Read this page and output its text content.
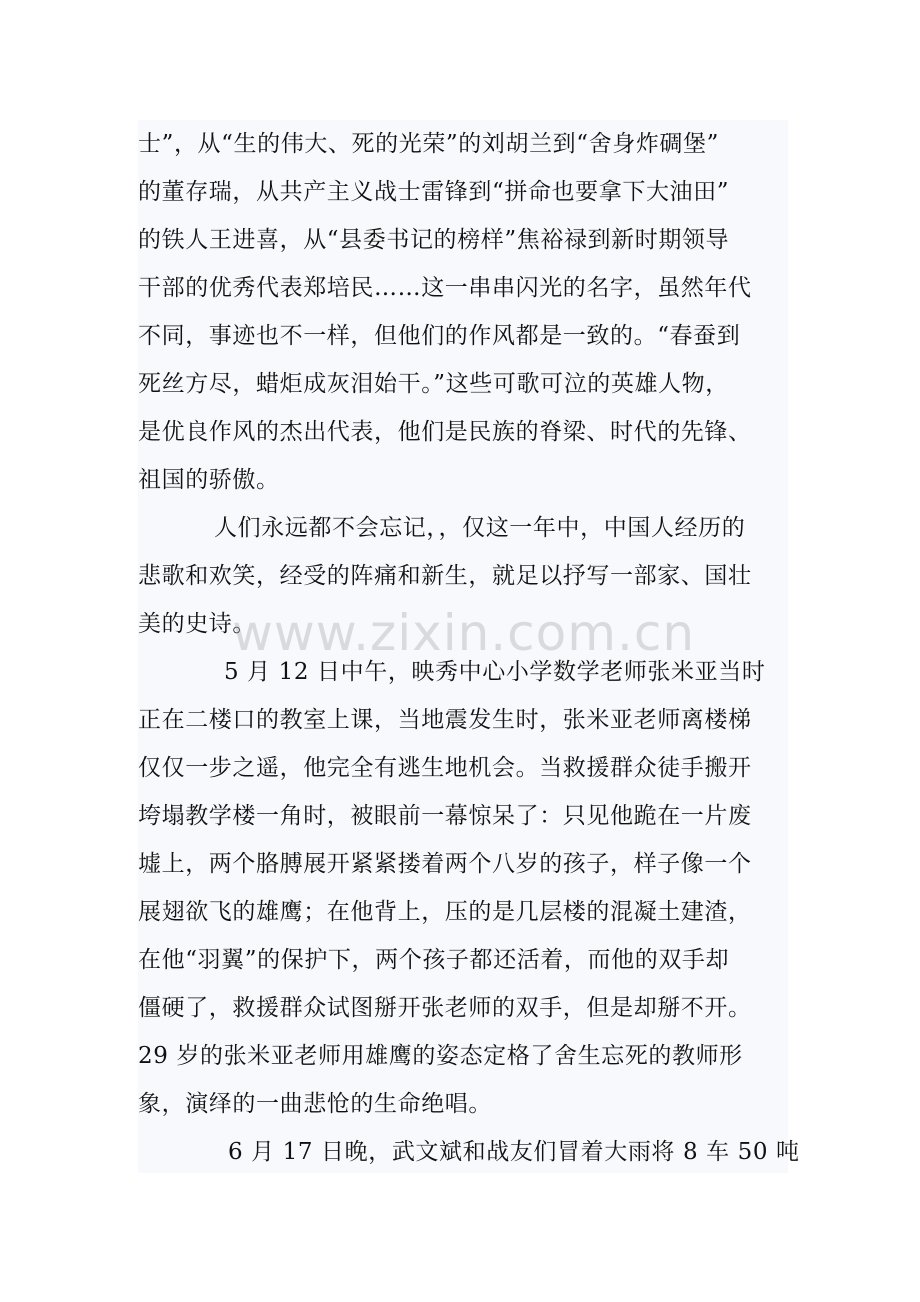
士”，从“生的伟大、死的光荣”的刘胡兰到“舍身炸碉堡”
的董存瑞，从共产主义战士雷锋到“拼命也要拿下大油田”
的铁人王进喜，从“县委书记的榜样”焦裕禄到新时期领导
干部的优秀代表郑培民……这一串串闪光的名字，虽然年代
不同，事迹也不一样，但他们的作风都是一致的。“春蚕到
死丝方尽，蜡炬成灰泪始干。”这些可歌可泣的英雄人物，
是优良作风的杰出代表，他们是民族的脊梁、时代的先锋、
祖国的骄傲。
人们永远都不会忘记，，仅这一年中，中国人经历的
悲歌和欢笑，经受的阵痛和新生，就足以抒写一部家、国壮
美的史诗。
5 月 12 日中午，映秀中心小学数学老师张米亚当时
正在二楼口的教室上课，当地震发生时，张米亚老师离楼梯
仅仅一步之遥，他完全有逃生地机会。当救援群众徒手搬开
垮塌教学楼一角时，被眼前一幕惊呆了：只见他跪在一片废
墟上，两个胳膊展开紧紧搂着两个八岁的孩子，样子像一个
展翅欲飞的雄鹰；在他背上，压的是几层楼的混凝土建渣，
在他“羽翼”的保护下，两个孩子都还活着，而他的双手却
僵硬了，救援群众试图掰开张老师的双手，但是却掰不开。
29 岁的张米亚老师用雄鹰的姿态定格了舍生忘死的教师形
象，演绎的一曲悲怆的生命绝唱。
6 月 17 日晚，武文斌和战友们冒着大雨将 8 车 50 吨
www.zixin.com.cn
